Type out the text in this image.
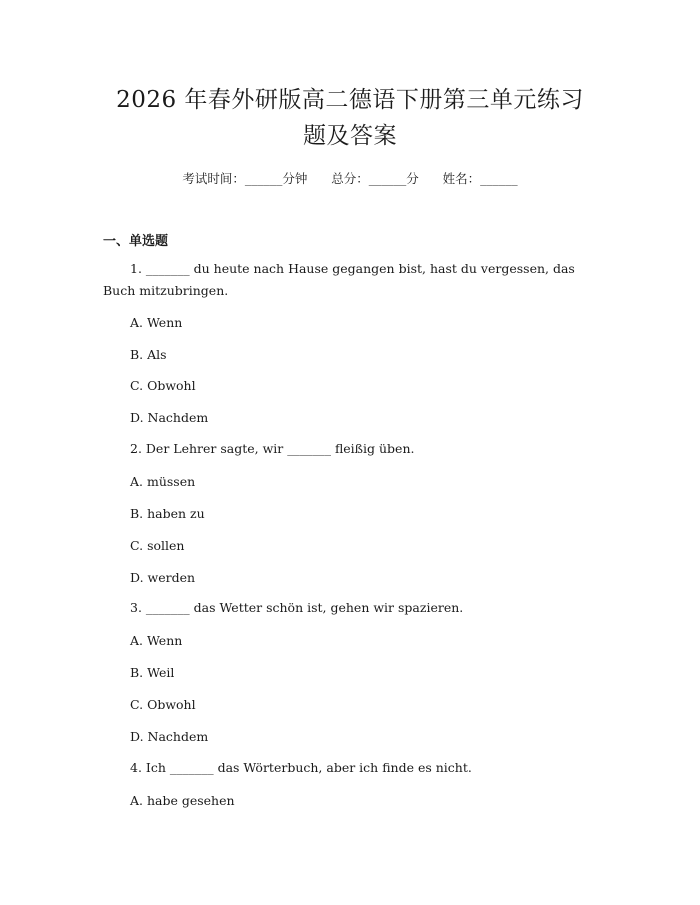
2026 年春外研版高二德语下册第三单元练习
题及答案
考试时间：______分钟      总分：______分      姓名：______
一、单选题
1. _______ du heute nach Hause gegangen bist, hast du vergessen, das
Buch mitzubringen.
A. Wenn
B. Als
C. Obwohl
D. Nachdem
2. Der Lehrer sagte, wir _______ fleißig üben.
A. müssen
B. haben zu
C. sollen
D. werden
3. _______ das Wetter schön ist, gehen wir spazieren.
A. Wenn
B. Weil
C. Obwohl
D. Nachdem
4. Ich _______ das Wörterbuch, aber ich finde es nicht.
A. habe gesehen
